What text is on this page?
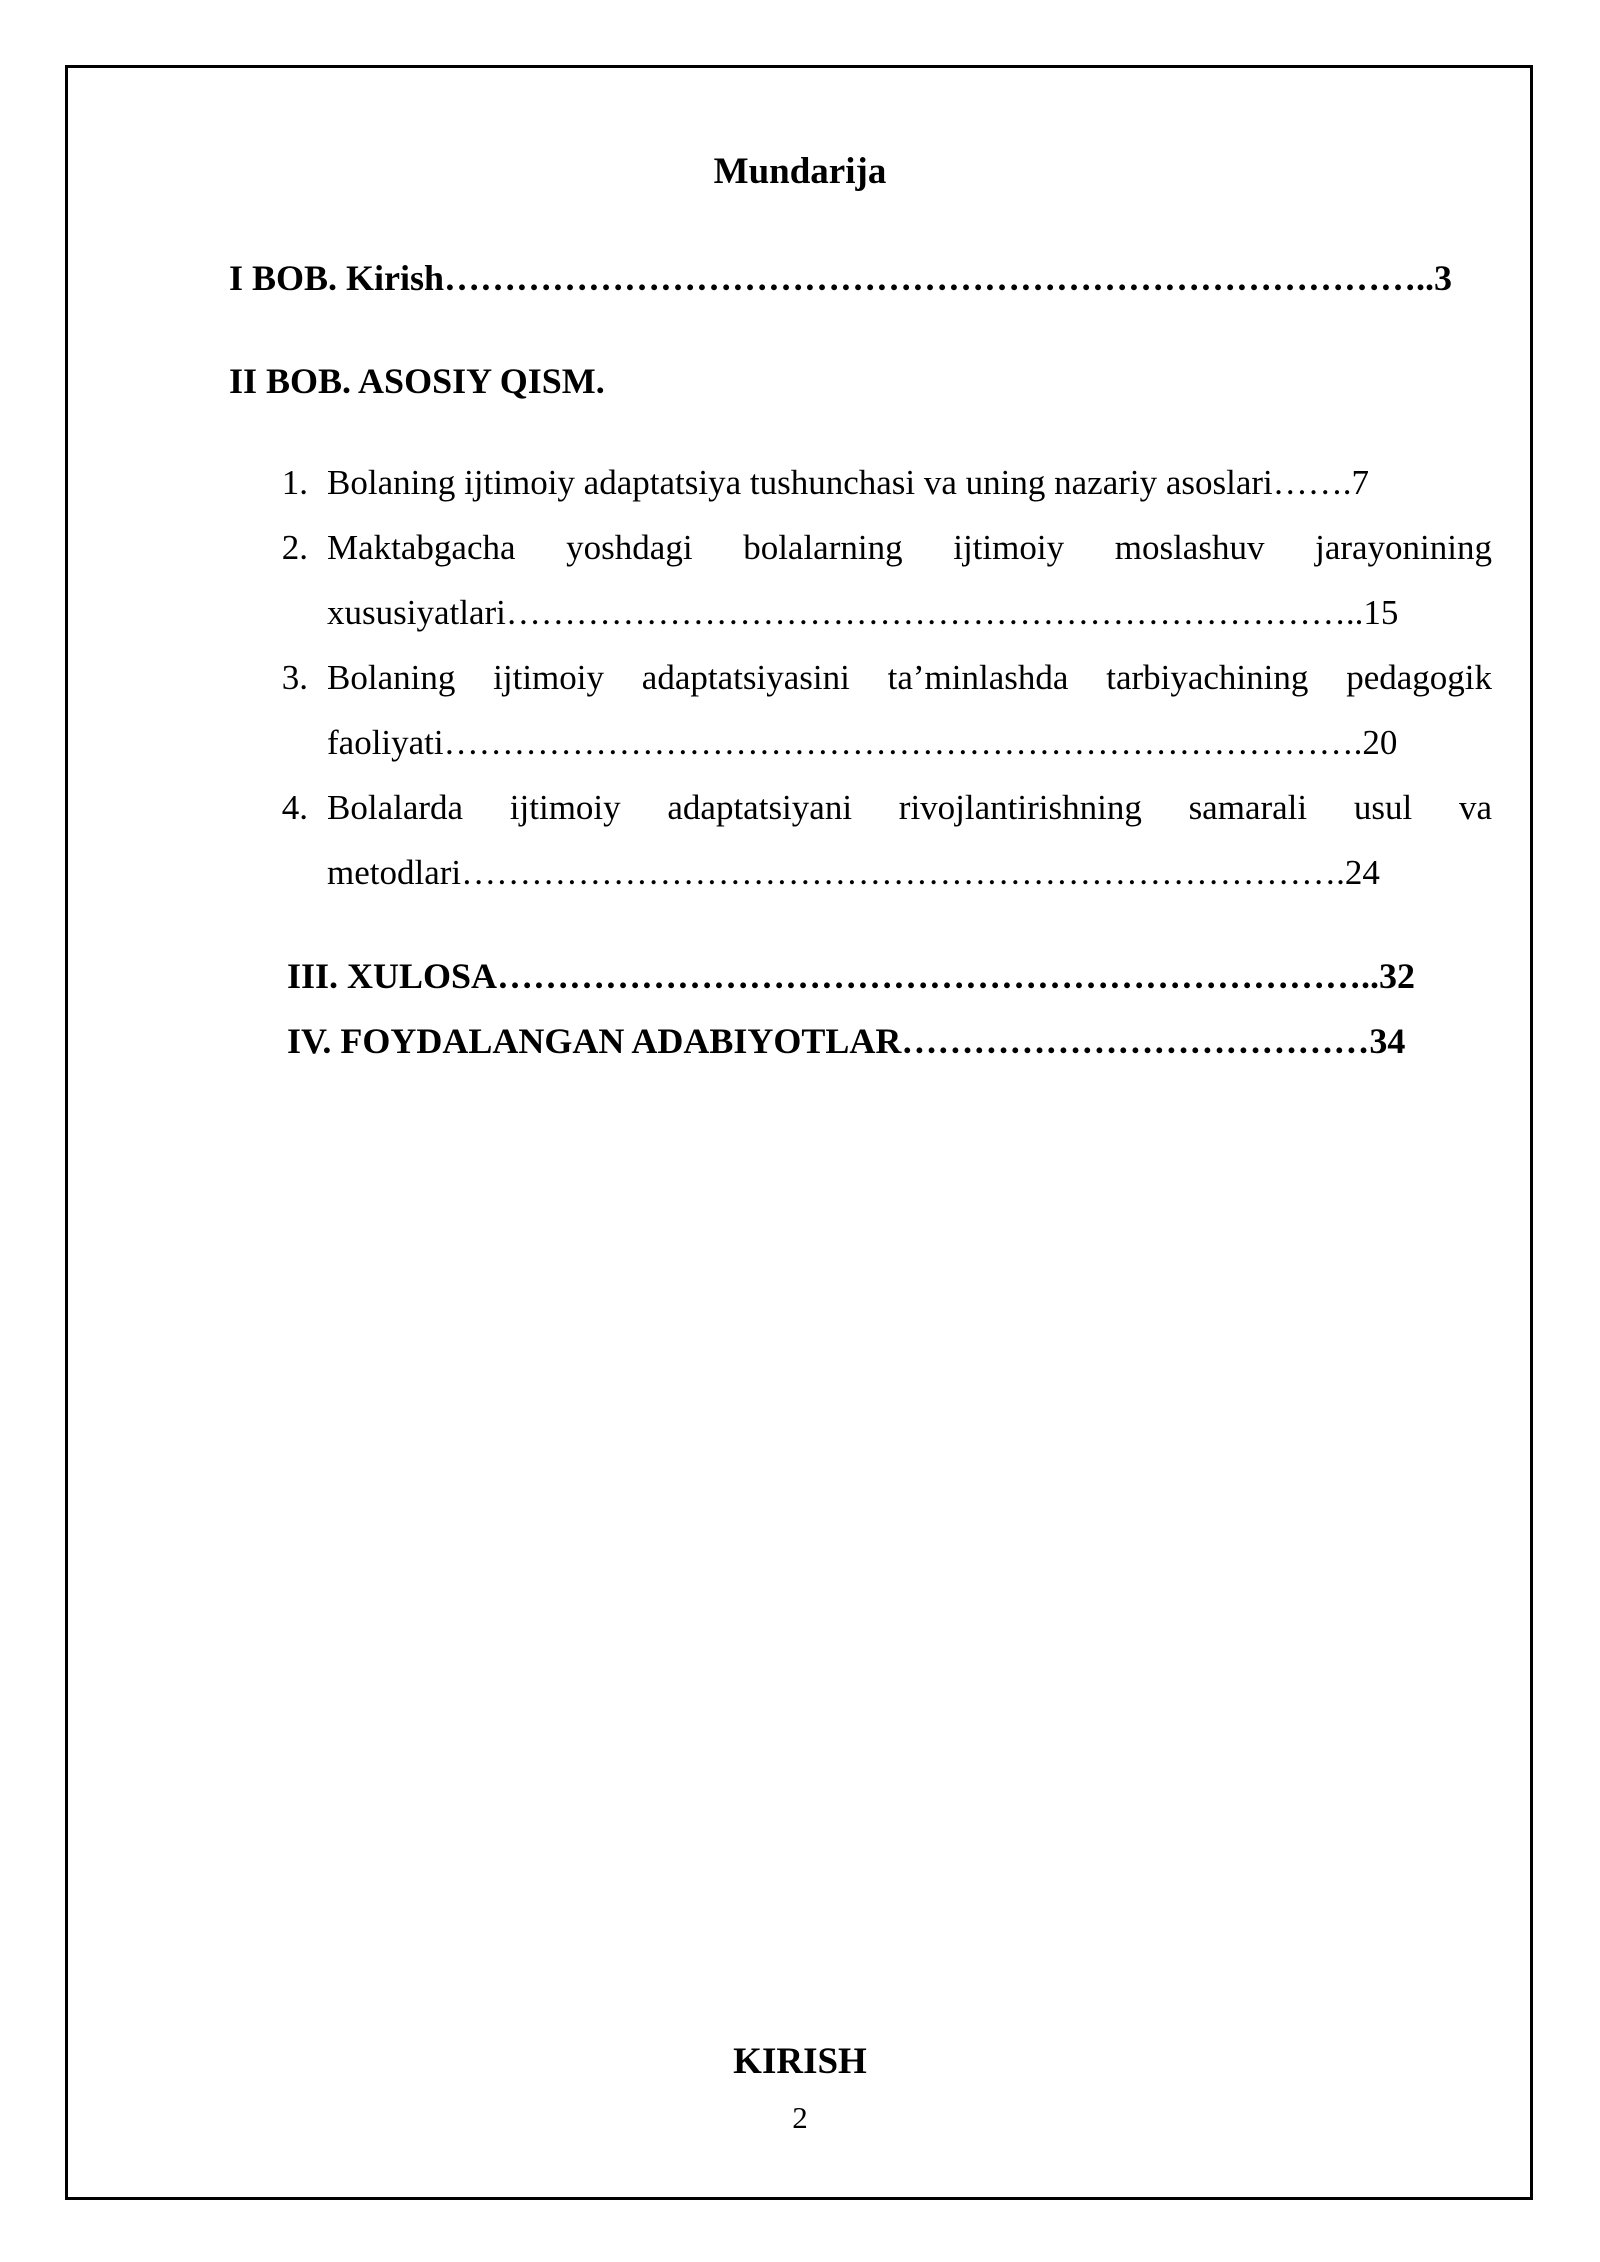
Mundarija
I BOB. Kirish………………………………………………………………………..3
II BOB. ASOSIY QISM.
1. Bolaning ijtimoiy adaptatsiya tushunchasi va uning nazariy asoslari…….7
2. Maktabgacha yoshdagi bolalarning ijtimoiy moslashuv jarayonining
xususiyatlari………………………………………………………………..15
3. Bolaning ijtimoiy adaptatsiyasini ta’minlashda tarbiyachining pedagogik
faoliyati…………………………………………………………………….20
4. Bolalarda ijtimoiy adaptatsiyani rivojlantirishning samarali usul va
metodlari………………………………………………………………….24
III. XULOSA………………………………………………………………..32
IV. FOYDALANGAN ADABIYOTLAR…………………………………34
KIRISH
2
